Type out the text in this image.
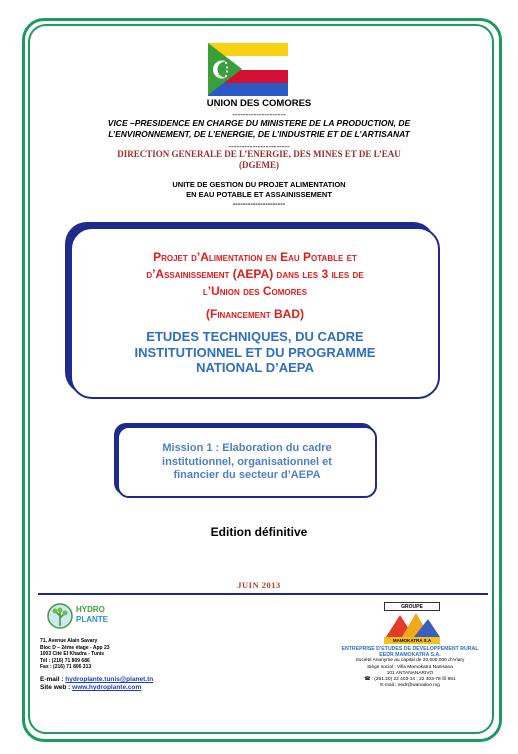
UNION DES COMORES
--------------------
VICE –PRESIDENCE EN CHARGE DU MINISTERE DE LA PRODUCTION, DE
L’ENVIRONNEMENT, DE L’ENERGIE, DE L’INDUSTRIE ET DE L’ARTISANAT
-----------------------
DIRECTION GENERALE DE L’ENERGIE, DES MINES ET DE L’EAU
(DGEME)
UNITE DE GESTION DU PROJET ALIMENTATION
EN EAU POTABLE ET ASSAINISSEMENT
---------------------
Projet d’Alimentation en Eau Potable et
d’Assainissement (AEPA) dans les 3 iles de
l’Union des Comores
(Financement BAD)
ETUDES TECHNIQUES, DU CADRE
INSTITUTIONNEL ET DU PROGRAMME
NATIONAL D’AEPA
Mission 1 : Elaboration du cadre
institutionnel, organisationnel et
financier du secteur d’AEPA
Edition définitive
JUIN 2013
HYDRO
PLANTE
71, Avenue Alain Savary
Bloc D – 2ème étage - App 23
1003 Cité El Khadra - Tunis
Tél : (216) 71 809 686
Fax : (216) 71 806 313
E-mail : hydroplante.tunis@planet.tn
Site web : www.hydroplante.com
GROUPE
MAMOKATRA S.A
ENTREPRISE D’ETUDES DE DEVELOPPEMENT RURAL
EEDR MAMOKATRA S.A.
Société Anonyme au capital de 20.000.000 d’Ariary
Siège social : Villa Mamokatra Nanisana
101 ANTANANARIVO
☎ : (261.20) 22 403-14 ; 22 403-78 ☒ 961
E-mail : eedr@wanadoo.mg
